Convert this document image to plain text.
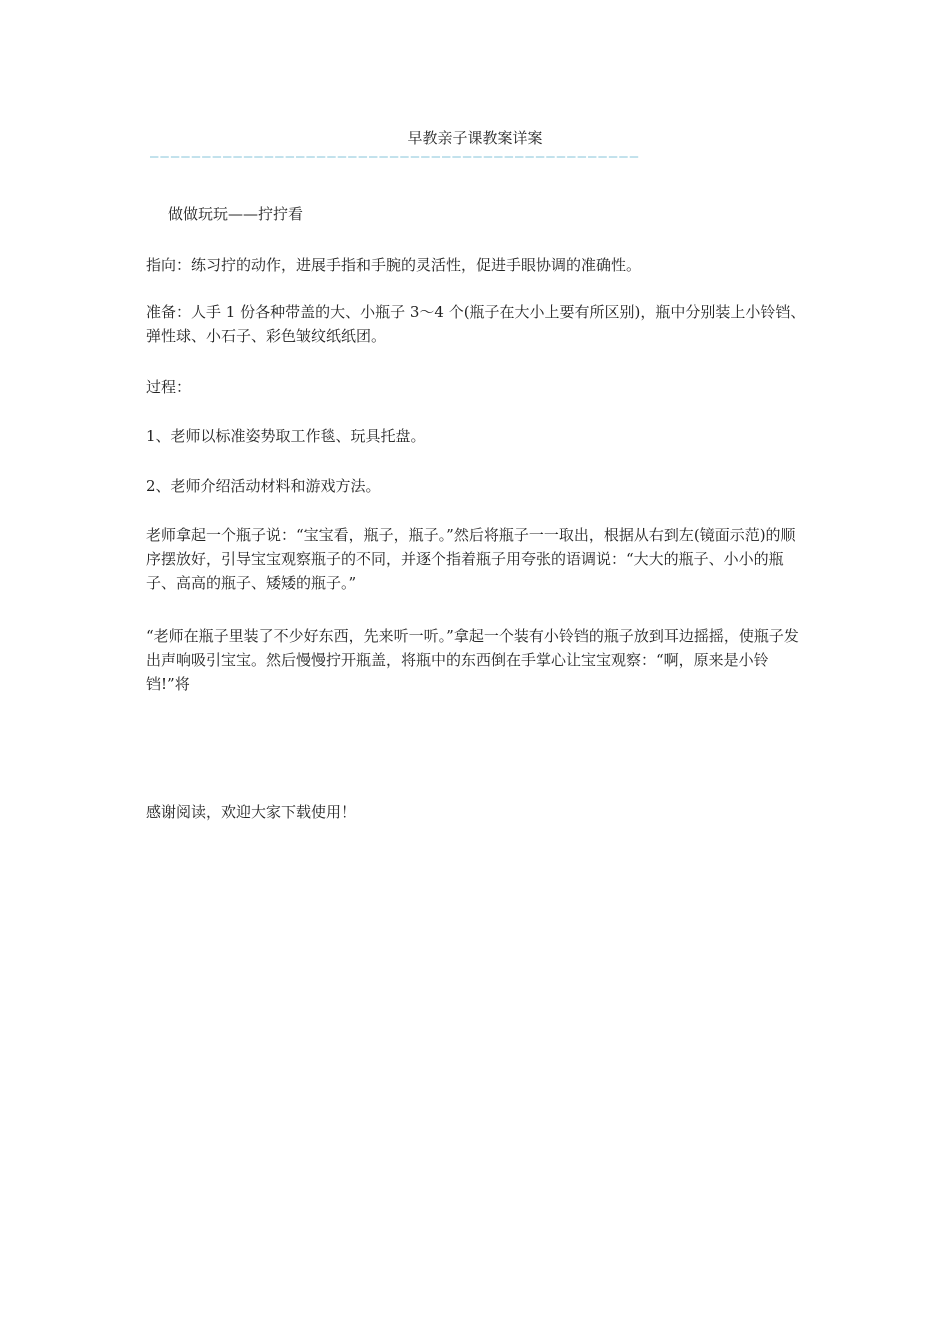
早教亲子课教案详案
———————————————————————————————————————————————
做做玩玩——拧拧看
指向：练习拧的动作，进展手指和手腕的灵活性，促进手眼协调的准确性。
准备：人手 1 份各种带盖的大、小瓶子 3～4 个(瓶子在大小上要有所区别)，瓶中分别装上小铃铛、弹性球、小石子、彩色皱纹纸纸团。
过程：
1、老师以标准姿势取工作毯、玩具托盘。
2、老师介绍活动材料和游戏方法。
老师拿起一个瓶子说：“宝宝看，瓶子，瓶子。”然后将瓶子一一取出，根据从右到左(镜面示范)的顺序摆放好，引导宝宝观察瓶子的不同，并逐个指着瓶子用夸张的语调说：“大大的瓶子、小小的瓶子、高高的瓶子、矮矮的瓶子。”
“老师在瓶子里装了不少好东西，先来听一听。”拿起一个装有小铃铛的瓶子放到耳边摇摇，使瓶子发出声响吸引宝宝。然后慢慢拧开瓶盖，将瓶中的东西倒在手掌心让宝宝观察：“啊，原来是小铃铛!”将
感谢阅读，欢迎大家下载使用！
